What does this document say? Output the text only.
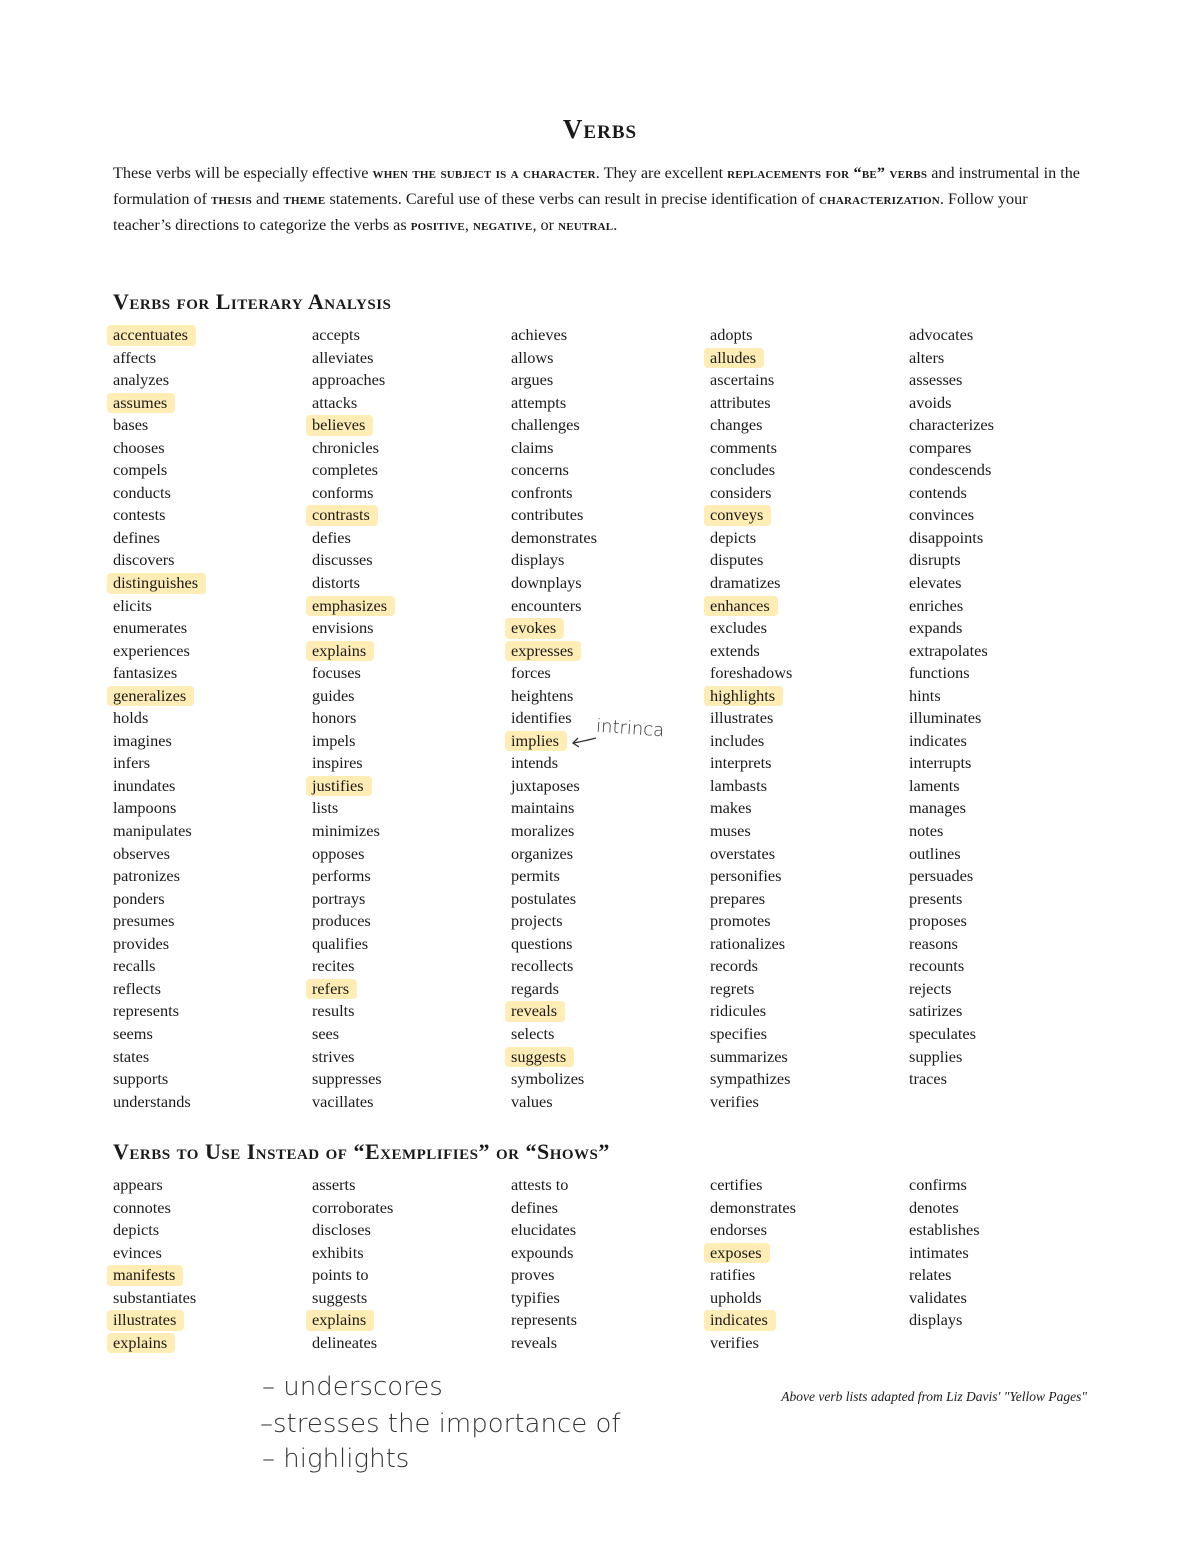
Verbs
These verbs will be especially effective when the subject is a character. They are excellent replacements for “be” verbs and instrumental in the formulation of thesis and theme statements. Careful use of these verbs can result in precise identification of characterization. Follow your teacher’s directions to categorize the verbs as positive, negative, or neutral.
Verbs for Literary Analysis
accentuates
affects
analyzes
assumes
bases
chooses
compels
conducts
contests
defines
discovers
distinguishes
elicits
enumerates
experiences
fantasizes
generalizes
holds
imagines
infers
inundates
lampoons
manipulates
observes
patronizes
ponders
presumes
provides
recalls
reflects
represents
seems
states
supports
understands
accepts
alleviates
approaches
attacks
believes
chronicles
completes
conforms
contrasts
defies
discusses
distorts
emphasizes
envisions
explains
focuses
guides
honors
impels
inspires
justifies
lists
minimizes
opposes
performs
portrays
produces
qualifies
recites
refers
results
sees
strives
suppresses
vacillates
achieves
allows
argues
attempts
challenges
claims
concerns
confronts
contributes
demonstrates
displays
downplays
encounters
evokes
expresses
forces
heightens
identifies
implies
intends
juxtaposes
maintains
moralizes
organizes
permits
postulates
projects
questions
recollects
regards
reveals
selects
suggests
symbolizes
values
adopts
alludes
ascertains
attributes
changes
comments
concludes
considers
conveys
depicts
disputes
dramatizes
enhances
excludes
extends
foreshadows
highlights
illustrates
includes
interprets
lambasts
makes
muses
overstates
personifies
prepares
promotes
rationalizes
records
regrets
ridicules
specifies
summarizes
sympathizes
verifies
advocates
alters
assesses
avoids
characterizes
compares
condescends
contends
convinces
disappoints
disrupts
elevates
enriches
expands
extrapolates
functions
hints
illuminates
indicates
interrupts
laments
manages
notes
outlines
persuades
presents
proposes
reasons
recounts
rejects
satirizes
speculates
supplies
traces
Verbs to Use Instead of “Exemplifies” or “Shows”
appears
connotes
depicts
evinces
manifests
substantiates
illustrates
explains
asserts
corroborates
discloses
exhibits
points to
suggests
explains
delineates
attests to
defines
elucidates
expounds
proves
typifies
represents
reveals
certifies
demonstrates
endorses
exposes
ratifies
upholds
indicates
verifies
confirms
denotes
establishes
intimates
relates
validates
displays
intrinca
– underscores
–stresses the importance of
– highlights
Above verb lists adapted from Liz Davis' "Yellow Pages"
